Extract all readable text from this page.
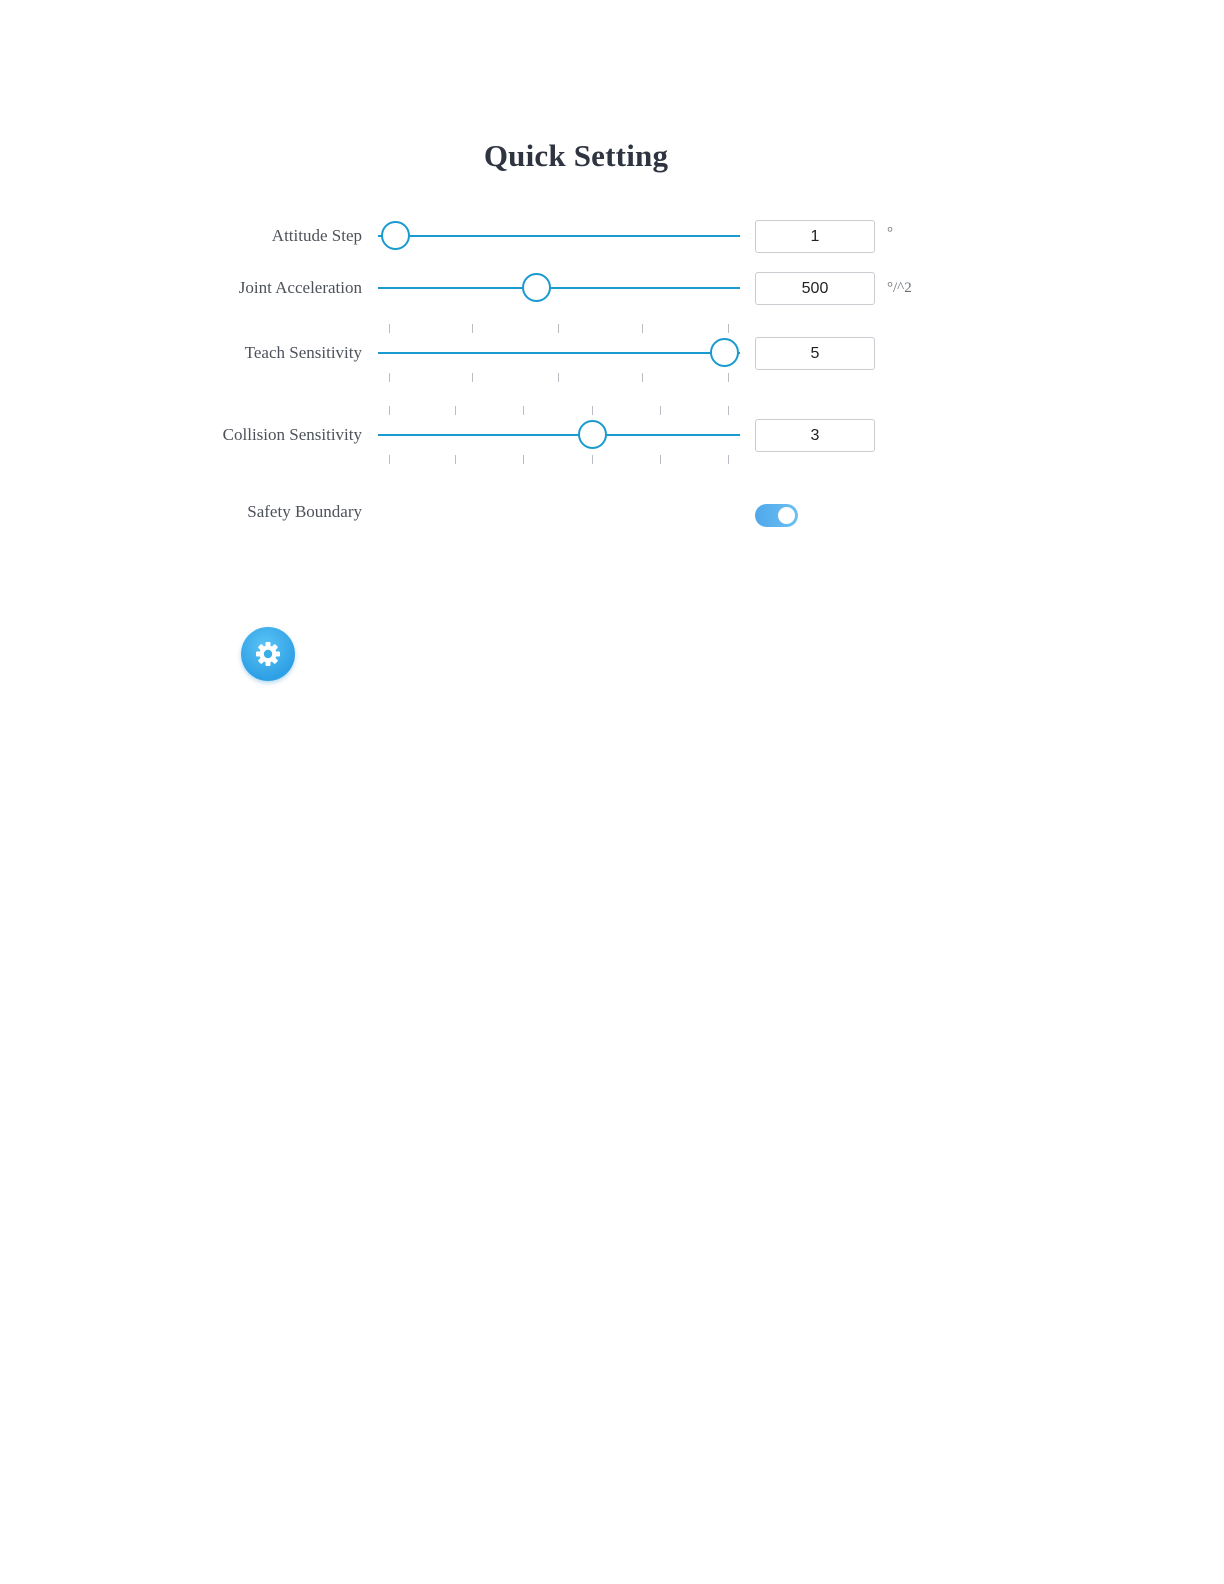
Quick Setting
Attitude Step	1	°
Joint Acceleration	500	°/^2
Teach Sensitivity	5
Collision Sensitivity	3
Safety Boundary
